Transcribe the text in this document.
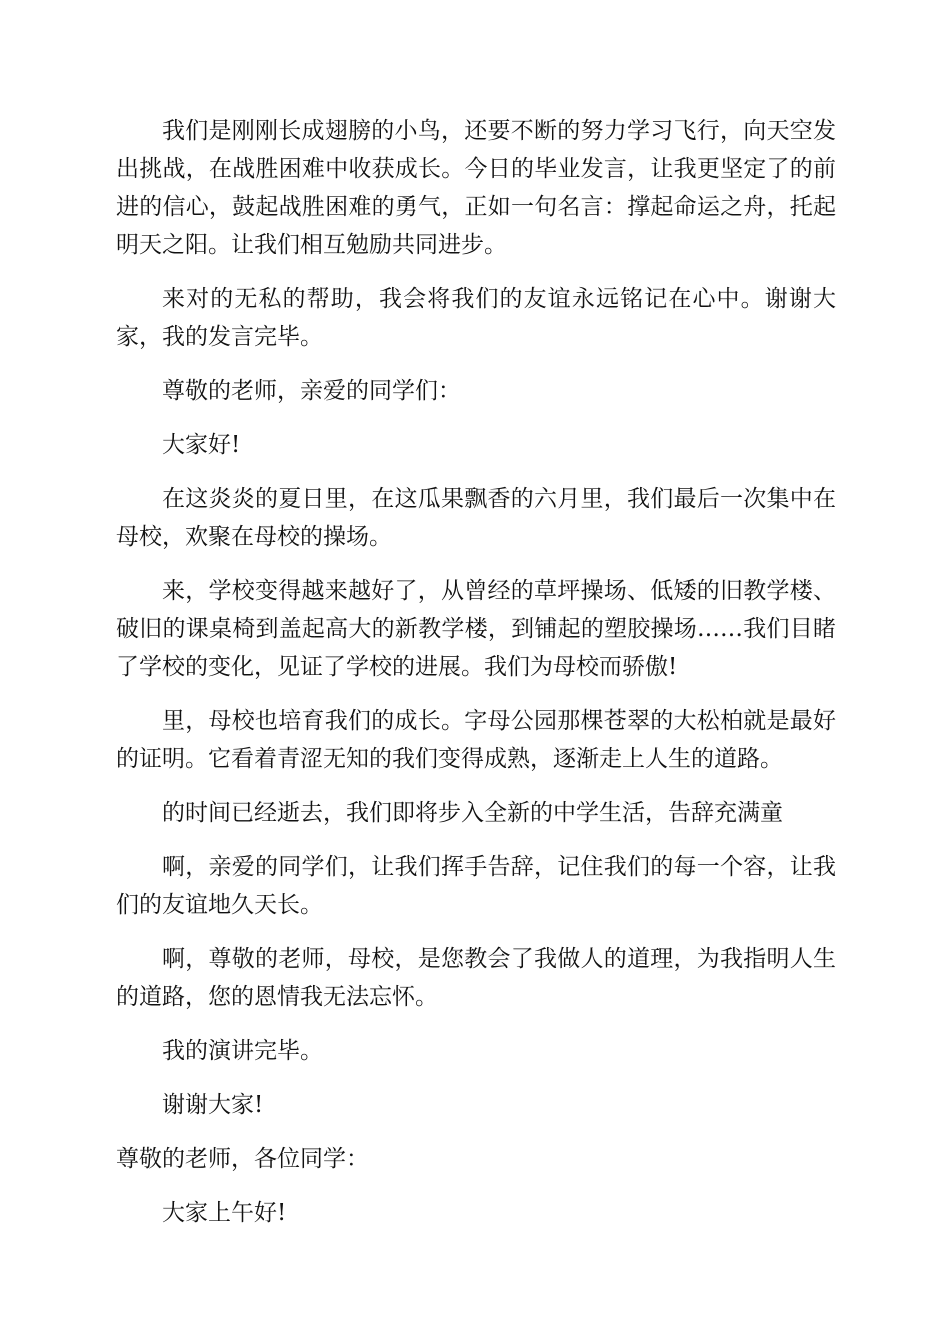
我们是刚刚长成翅膀的小鸟，还要不断的努力学习飞行，向天空发出挑战，在战胜困难中收获成长。今日的毕业发言，让我更坚定了的前进的信心，鼓起战胜困难的勇气，正如一句名言：撑起命运之舟，托起明天之阳。让我们相互勉励共同进步。

来对的无私的帮助，我会将我们的友谊永远铭记在心中。谢谢大家，我的发言完毕。

尊敬的老师，亲爱的同学们：

大家好!

在这炎炎的夏日里，在这瓜果飘香的六月里，我们最后一次集中在母校，欢聚在母校的操场。

来，学校变得越来越好了，从曾经的草坪操场、低矮的旧教学楼、破旧的课桌椅到盖起高大的新教学楼，到铺起的塑胶操场……我们目睹了学校的变化，见证了学校的进展。我们为母校而骄傲!

里，母校也培育我们的成长。字母公园那棵苍翠的大松柏就是最好的证明。它看着青涩无知的我们变得成熟，逐渐走上人生的道路。

的时间已经逝去，我们即将步入全新的中学生活，告辞充满童

啊，亲爱的同学们，让我们挥手告辞，记住我们的每一个容，让我们的友谊地久天长。

啊，尊敬的老师，母校，是您教会了我做人的道理，为我指明人生的道路，您的恩情我无法忘怀。

我的演讲完毕。

谢谢大家!

尊敬的老师，各位同学：

大家上午好!
